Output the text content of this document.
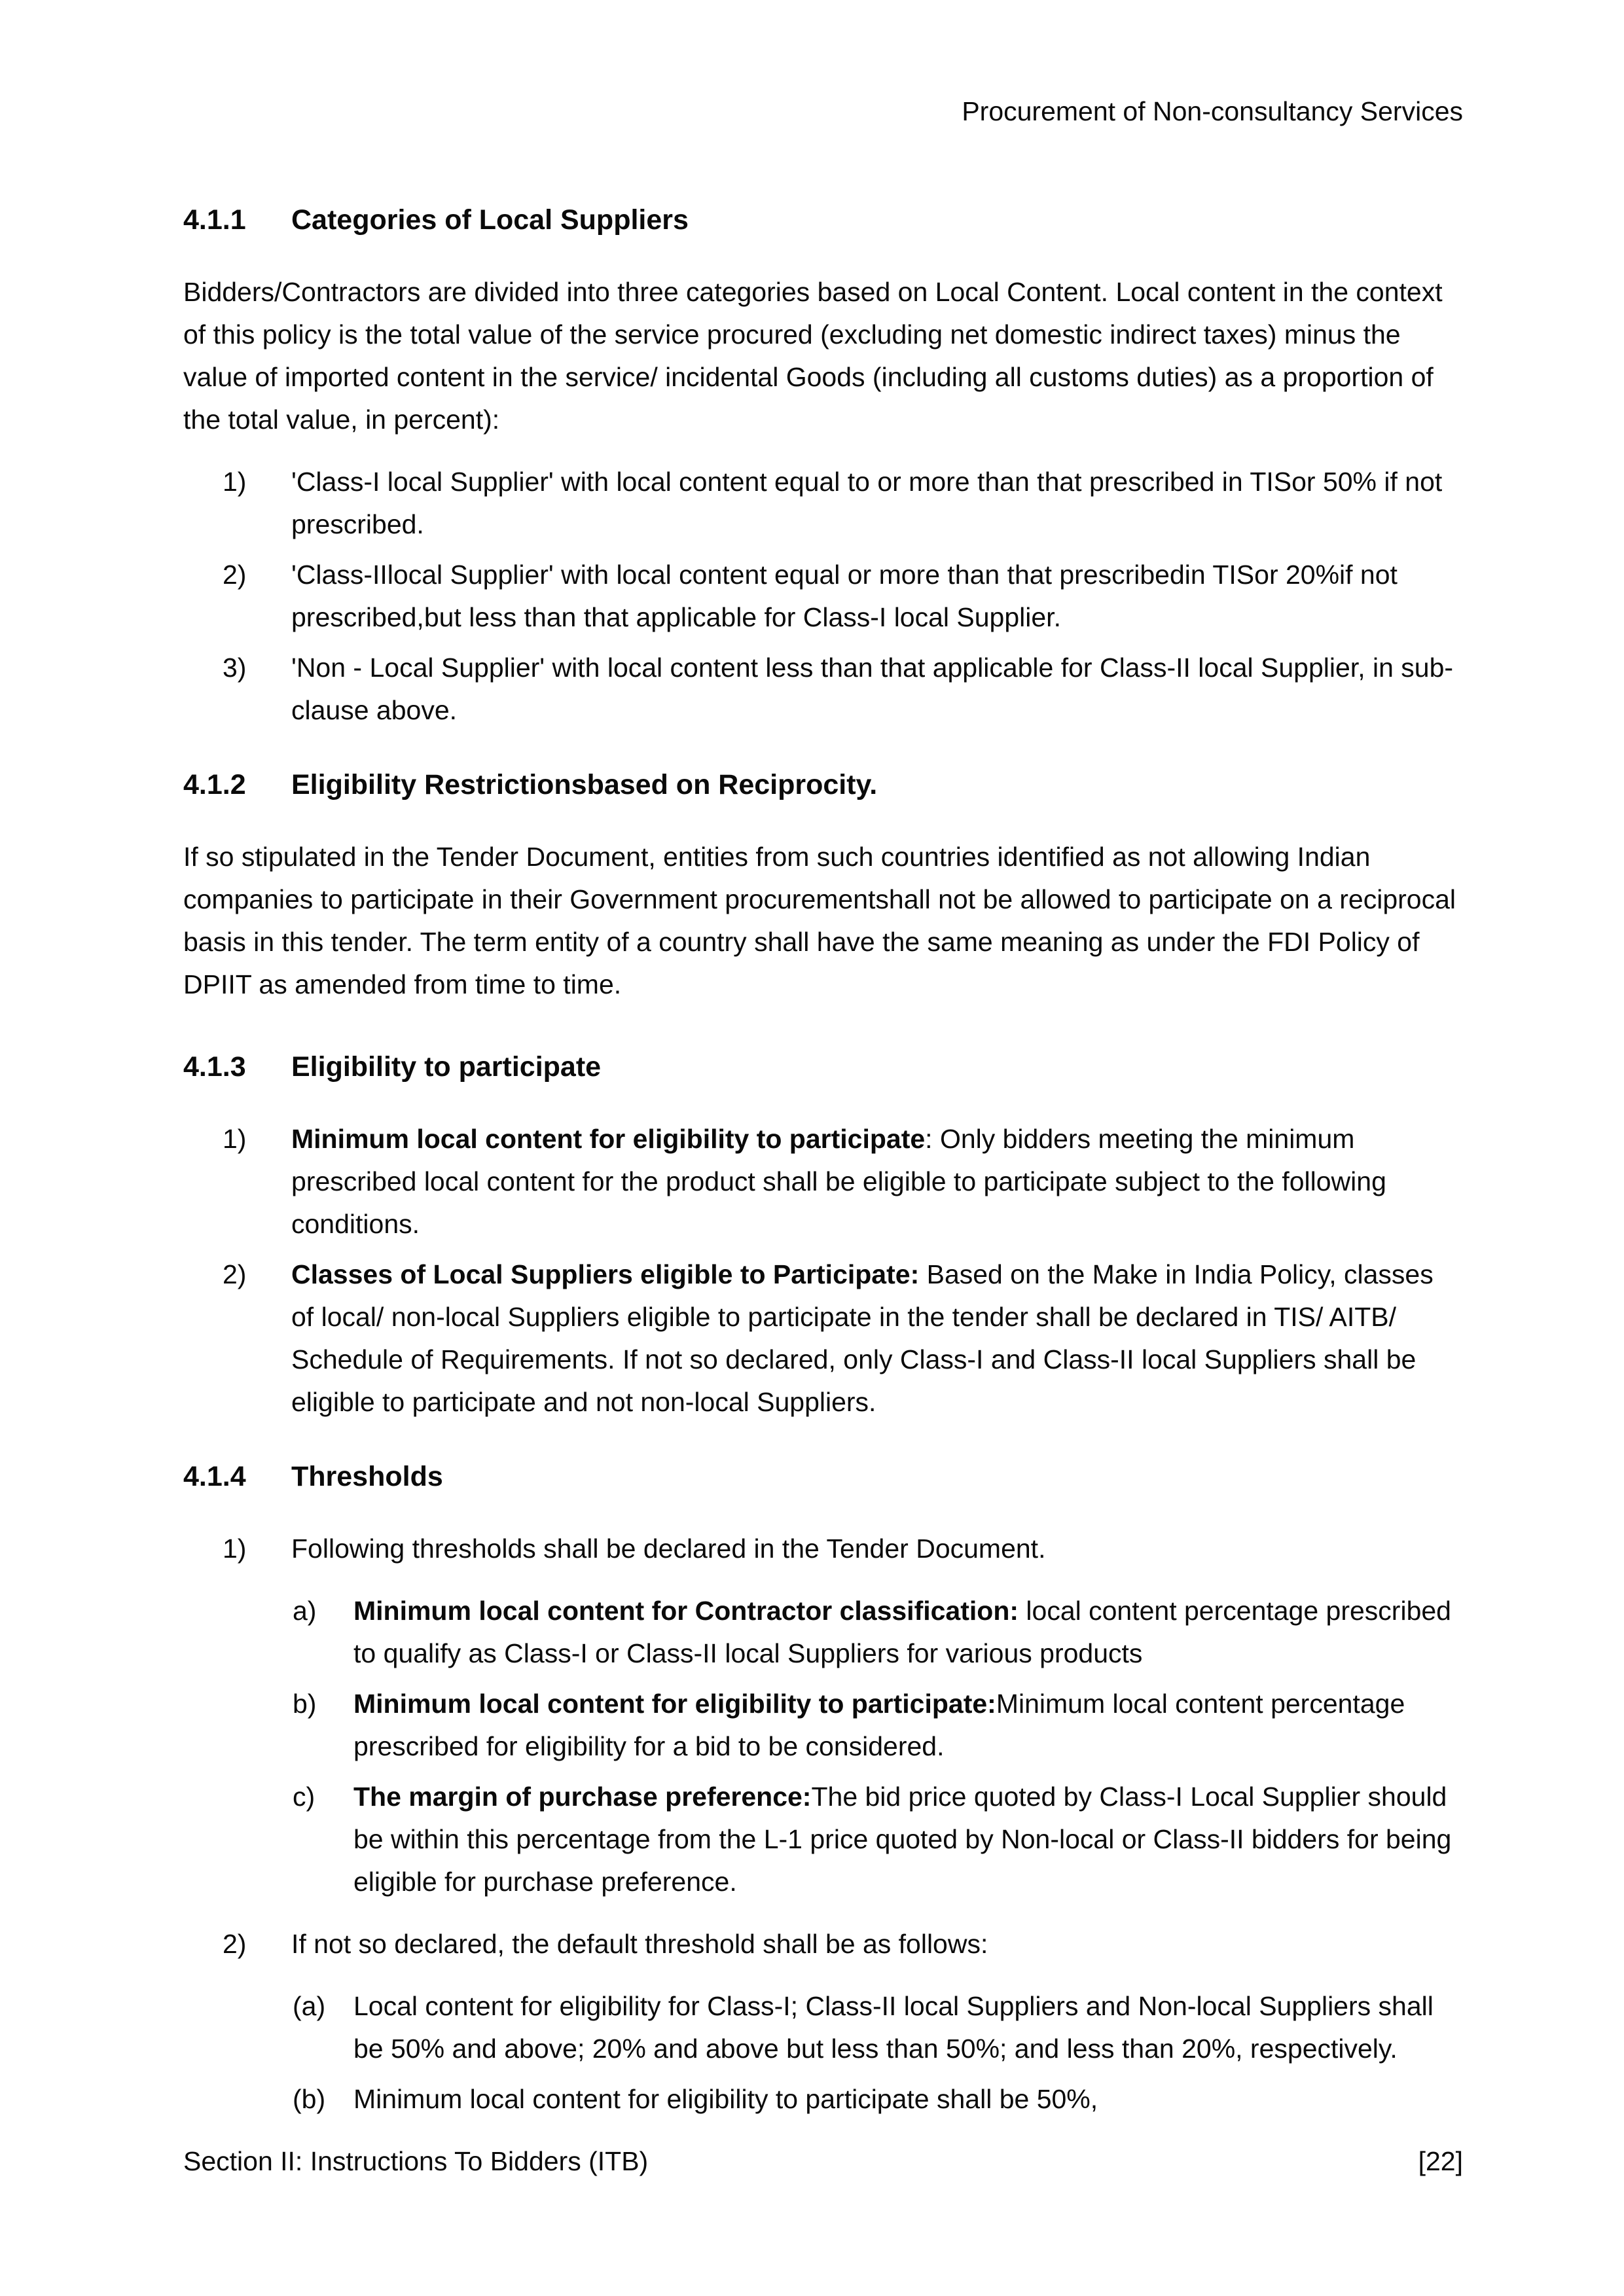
Procurement of Non-consultancy Services
4.1.1	Categories of Local Suppliers
Bidders/Contractors are divided into three categories based on Local Content. Local content in the context of this policy is the total value of the service procured (excluding net domestic indirect taxes) minus the value of imported content in the service/ incidental Goods (including all customs duties) as a proportion of the total value, in percent):
1) 'Class-I local Supplier' with local content equal to or more than that prescribed in TISor 50% if not prescribed.
2) 'Class-IIlocal Supplier' with local content equal or more than that prescribedin TISor 20%if not prescribed,but less than that applicable for Class-I local Supplier.
3) 'Non - Local Supplier' with local content less than that applicable for Class-II local Supplier, in sub-clause above.
4.1.2	Eligibility Restrictionsbased on Reciprocity.
If so stipulated in the Tender Document, entities from such countries identified as not allowing Indian companies to participate in their Government procurementshall not be allowed to participate on a reciprocal basis in this tender. The term entity of a country shall have the same meaning as under the FDI Policy of DPIIT as amended from time to time.
4.1.3	Eligibility to participate
1) Minimum local content for eligibility to participate: Only bidders meeting the minimum prescribed local content for the product shall be eligible to participate subject to the following conditions.
2) Classes of Local Suppliers eligible to Participate: Based on the Make in India Policy, classes of local/ non-local Suppliers eligible to participate in the tender shall be declared in TIS/ AITB/ Schedule of Requirements. If not so declared, only Class-I and Class-II local Suppliers shall be eligible to participate and not non-local Suppliers.
4.1.4	Thresholds
1) Following thresholds shall be declared in the Tender Document.
a) Minimum local content for Contractor classification: local content percentage prescribed to qualify as Class-I or Class-II local Suppliers for various products
b) Minimum local content for eligibility to participate:Minimum local content percentage prescribed for eligibility for a bid to be considered.
c) The margin of purchase preference:The bid price quoted by Class-I Local Supplier should be within this percentage from the L-1 price quoted by Non-local or Class-II bidders for being eligible for purchase preference.
2) If not so declared, the default threshold shall be as follows:
(a) Local content for eligibility for Class-I; Class-II local Suppliers and Non-local Suppliers shall be 50% and above; 20% and above but less than 50%; and less than 20%, respectively.
(b) Minimum local content for eligibility to participate shall be 50%,
Section II: Instructions To Bidders (ITB)	[22]
